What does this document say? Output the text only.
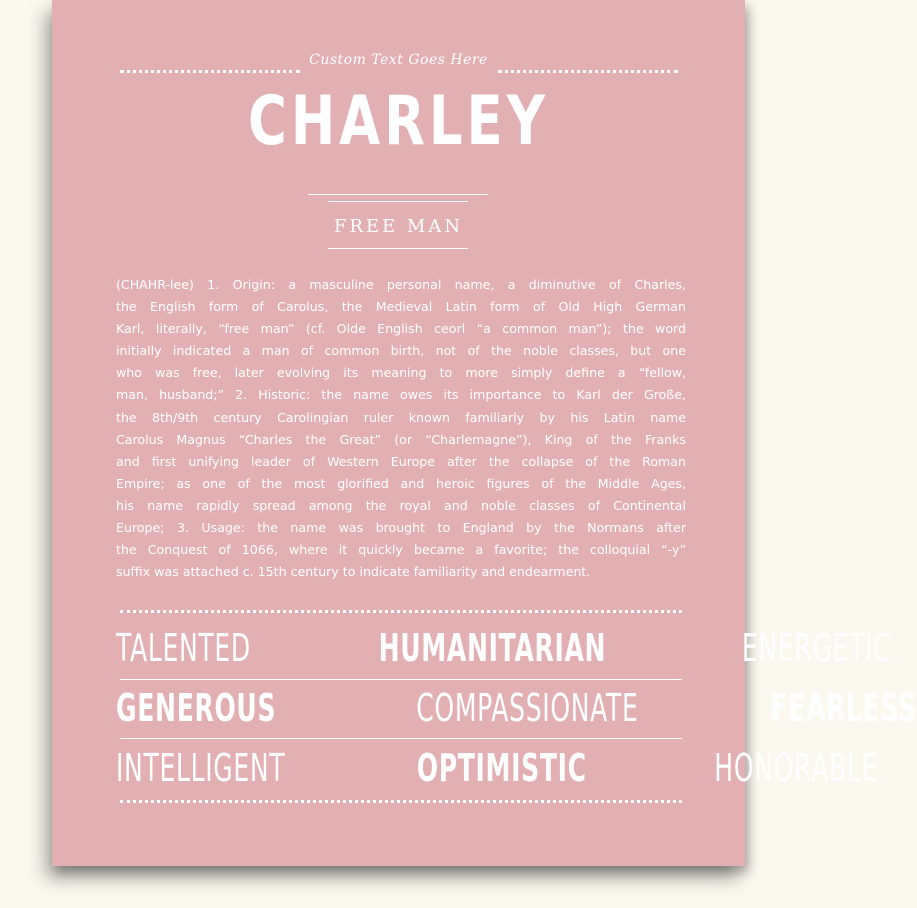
Custom Text Goes Here
CHARLEY
FREE MAN
(CHAHR-lee) 1. Origin: a masculine personal name, a diminutive of Charles,
the English form of Carolus, the Medieval Latin form of Old High German
Karl, literally, “free man” (cf. Olde English ceorl “a common man”); the word
initially indicated a man of common birth, not of the noble classes, but one
who was free, later evolving its meaning to more simply define a “fellow,
man, husband;” 2. Historic: the name owes its importance to Karl der Große,
the 8th/9th century Carolingian ruler known familiarly by his Latin name
Carolus Magnus “Charles the Great” (or “Charlemagne”), King of the Franks
and first unifying leader of Western Europe after the collapse of the Roman
Empire; as one of the most glorified and heroic figures of the Middle Ages,
his name rapidly spread among the royal and noble classes of Continental
Europe; 3. Usage: the name was brought to England by the Normans after
the Conquest of 1066, where it quickly became a favorite; the colloquial “-y”
suffix was attached c. 15th century to indicate familiarity and endearment.
TALENTED	HUMANITARIAN	ENERGETIC
GENEROUS	COMPASSIONATE	FEARLESS
INTELLIGENT	OPTIMISTIC	HONORABLE
